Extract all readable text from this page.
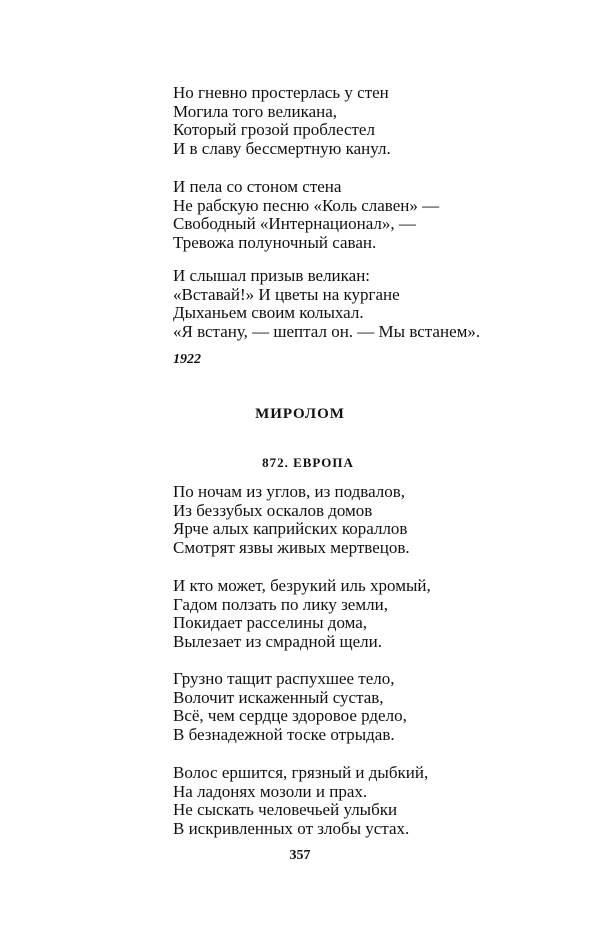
Но гневно простерлась у стен
Могила того великана,
Который грозой проблестел
И в славу бессмертную канул.
И пела со стоном стена
Не рабскую песню «Коль славен» —
Свободный «Интернационал», —
Тревожа полуночный саван.
И слышал призыв великан:
«Вставай!» И цветы на кургане
Дыханьем своим колыхал.
«Я встану, — шептал он. — Мы встанем».
1922
МИРОЛОМ
872. ЕВРОПА
По ночам из углов, из подвалов,
Из беззубых оскалов домов
Ярче алых каприйских кораллов
Смотрят язвы живых мертвецов.
И кто может, безрукий иль хромый,
Гадом ползать по лику земли,
Покидает расселины дома,
Вылезает из смрадной щели.
Грузно тащит распухшее тело,
Волочит искаженный сустав,
Всё, чем сердце здоровое рдело,
В безнадежной тоске отрыдав.
Волос ершится, грязный и дыбкий,
На ладонях мозоли и прах.
Не сыскать человечьей улыбки
В искривленных от злобы устах.
357
